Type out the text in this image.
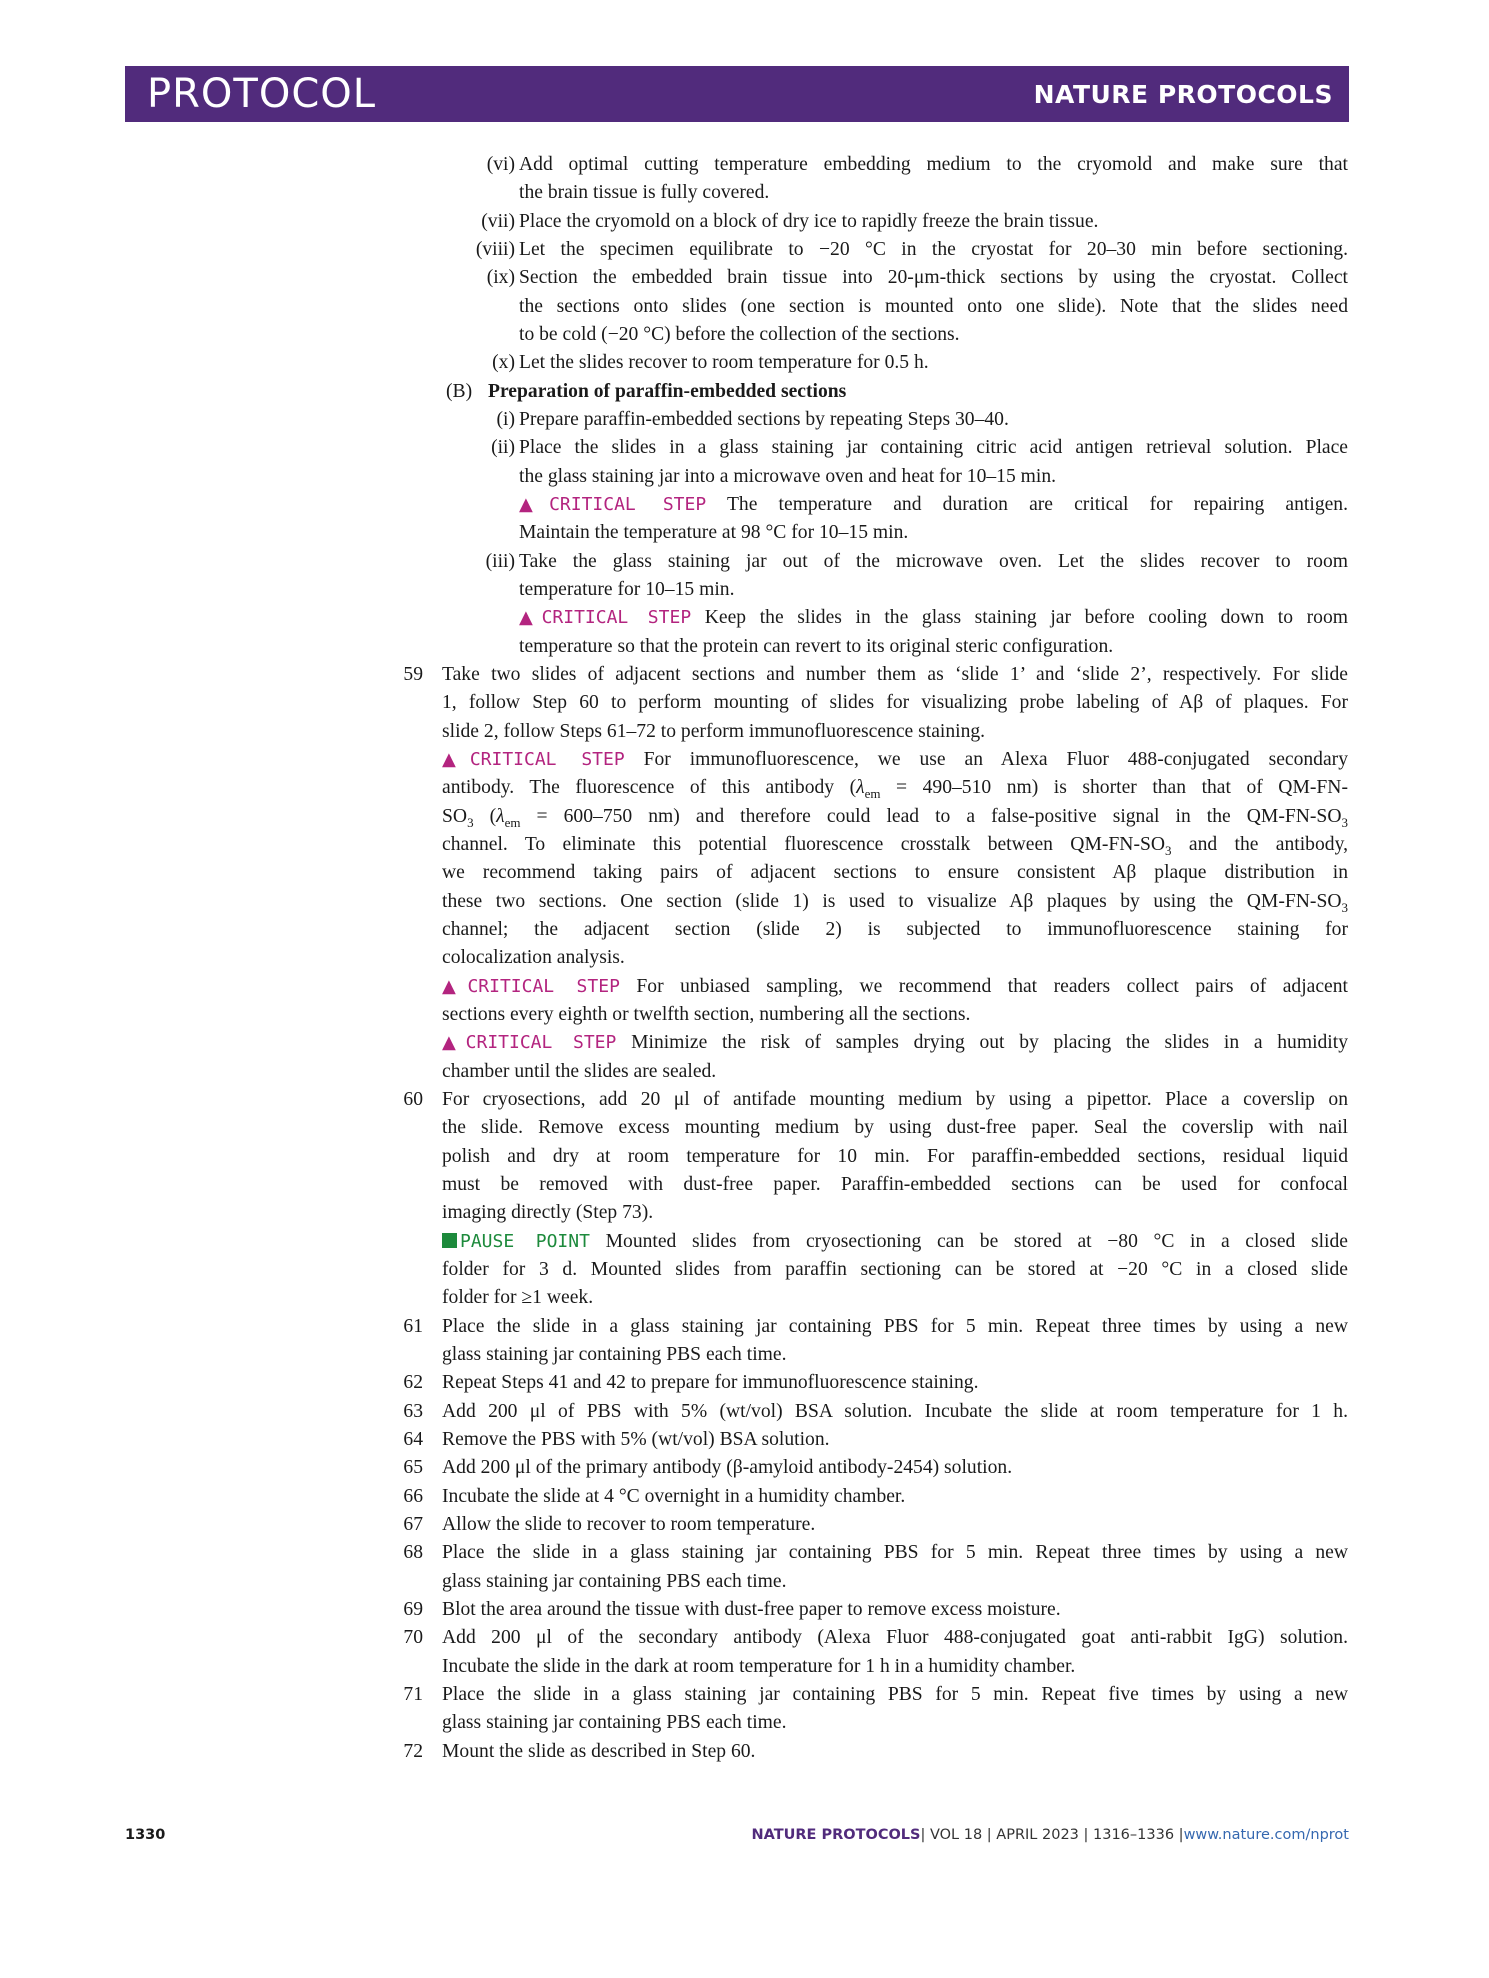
PROTOCOL	NATURE PROTOCOLS
(vi) Add optimal cutting temperature embedding medium to the cryomold and make sure that
the brain tissue is fully covered.
(vii) Place the cryomold on a block of dry ice to rapidly freeze the brain tissue.
(viii) Let the specimen equilibrate to −20 °C in the cryostat for 20–30 min before sectioning.
(ix) Section the embedded brain tissue into 20-μm-thick sections by using the cryostat. Collect
the sections onto slides (one section is mounted onto one slide). Note that the slides need
to be cold (−20 °C) before the collection of the sections.
(x) Let the slides recover to room temperature for 0.5 h.
(B) Preparation of paraffin-embedded sections
(i) Prepare paraffin-embedded sections by repeating Steps 30–40.
(ii) Place the slides in a glass staining jar containing citric acid antigen retrieval solution. Place
the glass staining jar into a microwave oven and heat for 10–15 min.
▲CRITICAL STEP The temperature and duration are critical for repairing antigen.
Maintain the temperature at 98 °C for 10–15 min.
(iii) Take the glass staining jar out of the microwave oven. Let the slides recover to room
temperature for 10–15 min.
▲CRITICAL STEP Keep the slides in the glass staining jar before cooling down to room
temperature so that the protein can revert to its original steric configuration.
59 Take two slides of adjacent sections and number them as ‘slide 1’ and ‘slide 2’, respectively. For slide
1, follow Step 60 to perform mounting of slides for visualizing probe labeling of Aβ of plaques. For
slide 2, follow Steps 61–72 to perform immunofluorescence staining.
▲CRITICAL STEP For immunofluorescence, we use an Alexa Fluor 488-conjugated secondary
antibody. The fluorescence of this antibody ($\lambda_{em} = 490-510$ nm) is shorter than that of QM-FN-
$SO_3$ ($\lambda_{em} = 600-750$ nm) and therefore could lead to a false-positive signal in the $QM-FN-SO_3$
channel. To eliminate this potential fluorescence crosstalk between $QM-FN-SO_3$ and the antibody,
we recommend taking pairs of adjacent sections to ensure consistent Aβ plaque distribution in
these two sections. One section (slide 1) is used to visualize Aβ plaques by using the $QM-FN-SO_3$
channel; the adjacent section (slide 2) is subjected to immunofluorescence staining for
colocalization analysis.
▲CRITICAL STEP For unbiased sampling, we recommend that readers collect pairs of adjacent
sections every eighth or twelfth section, numbering all the sections.
▲CRITICAL STEP Minimize the risk of samples drying out by placing the slides in a humidity
chamber until the slides are sealed.
60 For cryosections, add 20 μl of antifade mounting medium by using a pipettor. Place a coverslip on
the slide. Remove excess mounting medium by using dust-free paper. Seal the coverslip with nail
polish and dry at room temperature for 10 min. For paraffin-embedded sections, residual liquid
must be removed with dust-free paper. Paraffin-embedded sections can be used for confocal
imaging directly (Step 73).
PAUSE POINT Mounted slides from cryosectioning can be stored at −80 °C in a closed slide
folder for 3 d. Mounted slides from paraffin sectioning can be stored at −20 °C in a closed slide
folder for ≥1 week.
61 Place the slide in a glass staining jar containing PBS for 5 min. Repeat three times by using a new
glass staining jar containing PBS each time.
62 Repeat Steps 41 and 42 to prepare for immunofluorescence staining.
63 Add 200 μl of PBS with 5% (wt/vol) BSA solution. Incubate the slide at room temperature for 1 h.
64 Remove the PBS with 5% (wt/vol) BSA solution.
65 Add 200 μl of the primary antibody (β-amyloid antibody-2454) solution.
66 Incubate the slide at 4 °C overnight in a humidity chamber.
67 Allow the slide to recover to room temperature.
68 Place the slide in a glass staining jar containing PBS for 5 min. Repeat three times by using a new
glass staining jar containing PBS each time.
69 Blot the area around the tissue with dust-free paper to remove excess moisture.
70 Add 200 μl of the secondary antibody (Alexa Fluor 488-conjugated goat anti-rabbit IgG) solution.
Incubate the slide in the dark at room temperature for 1 h in a humidity chamber.
71 Place the slide in a glass staining jar containing PBS for 5 min. Repeat five times by using a new
glass staining jar containing PBS each time.
72 Mount the slide as described in Step 60.
1330	NATURE PROTOCOLS| VOL 18 | APRIL 2023 | 1316–1336 |www.nature.com/nprot
